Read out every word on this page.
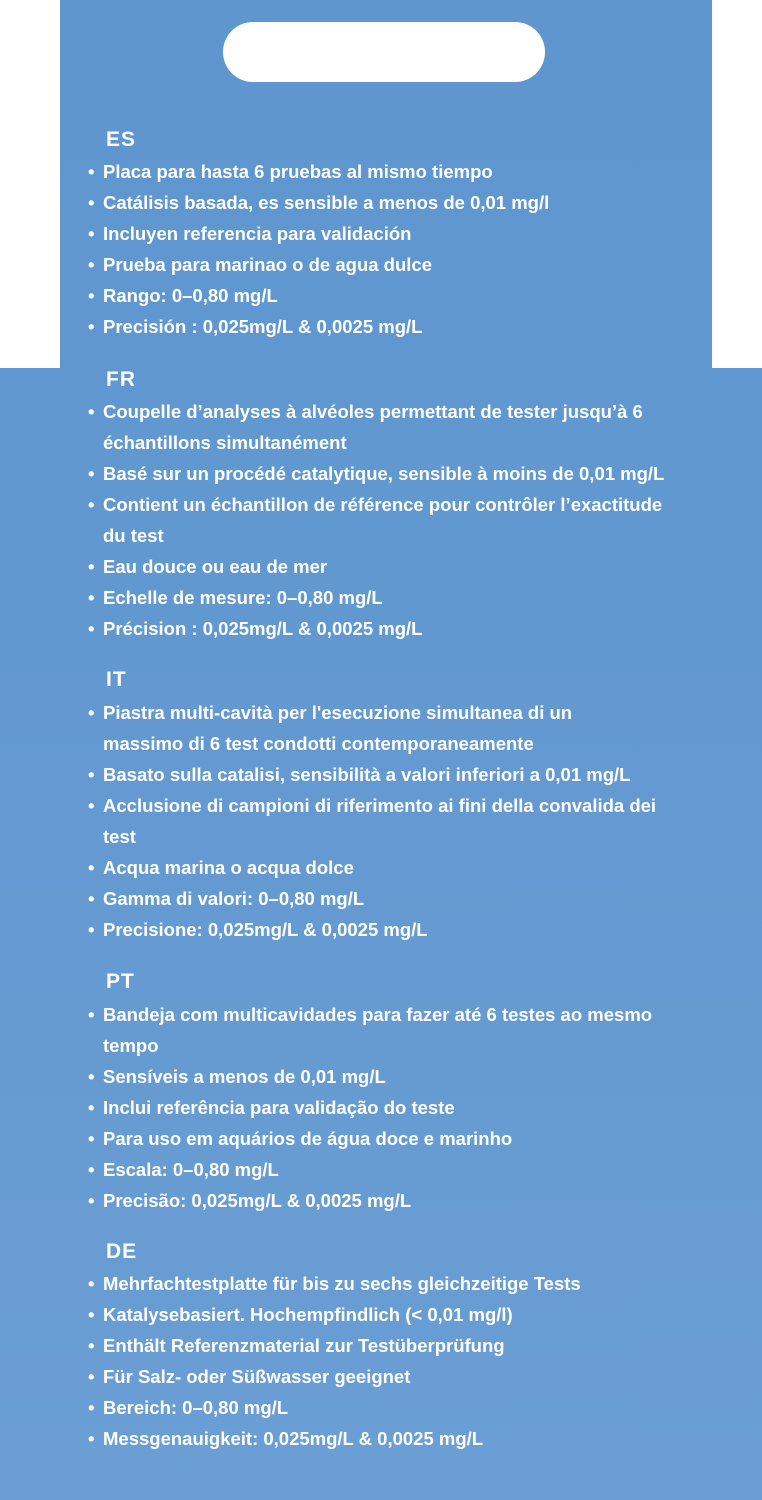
ES
• Placa para hasta 6 pruebas al mismo tiempo
• Catálisis basada, es sensible a menos de 0,01 mg/l
• Incluyen referencia para validación
• Prueba para marinao o de agua dulce
• Rango: 0–0,80 mg/L
• Precisión : 0,025mg/L & 0,0025 mg/L
FR
• Coupelle d’analyses à alvéoles permettant de tester jusqu’à 6
échantillons simultanément
• Basé sur un procédé catalytique, sensible à moins de 0,01 mg/L
• Contient un échantillon de référence pour contrôler l’exactitude
du test
• Eau douce ou eau de mer
• Echelle de mesure: 0–0,80 mg/L
• Précision : 0,025mg/L & 0,0025 mg/L
IT
• Piastra multi-cavità per l'esecuzione simultanea di un
massimo di 6 test condotti contemporaneamente
• Basato sulla catalisi, sensibilità a valori inferiori a 0,01 mg/L
• Acclusione di campioni di riferimento ai fini della convalida dei
test
• Acqua marina o acqua dolce
• Gamma di valori: 0–0,80 mg/L
• Precisione: 0,025mg/L & 0,0025 mg/L
PT
• Bandeja com multicavidades para fazer até 6 testes ao mesmo
tempo
• Sensíveis a menos de 0,01 mg/L
• Inclui referência para validação do teste
• Para uso em aquários de água doce e marinho
• Escala: 0–0,80 mg/L
• Precisão: 0,025mg/L & 0,0025 mg/L
DE
• Mehrfachtestplatte für bis zu sechs gleichzeitige Tests
• Katalysebasiert. Hochempfindlich (< 0,01 mg/l)
• Enthält Referenzmaterial zur Testüberprüfung
• Für Salz- oder Süßwasser geeignet
• Bereich: 0–0,80 mg/L
• Messgenauigkeit: 0,025mg/L & 0,0025 mg/L
